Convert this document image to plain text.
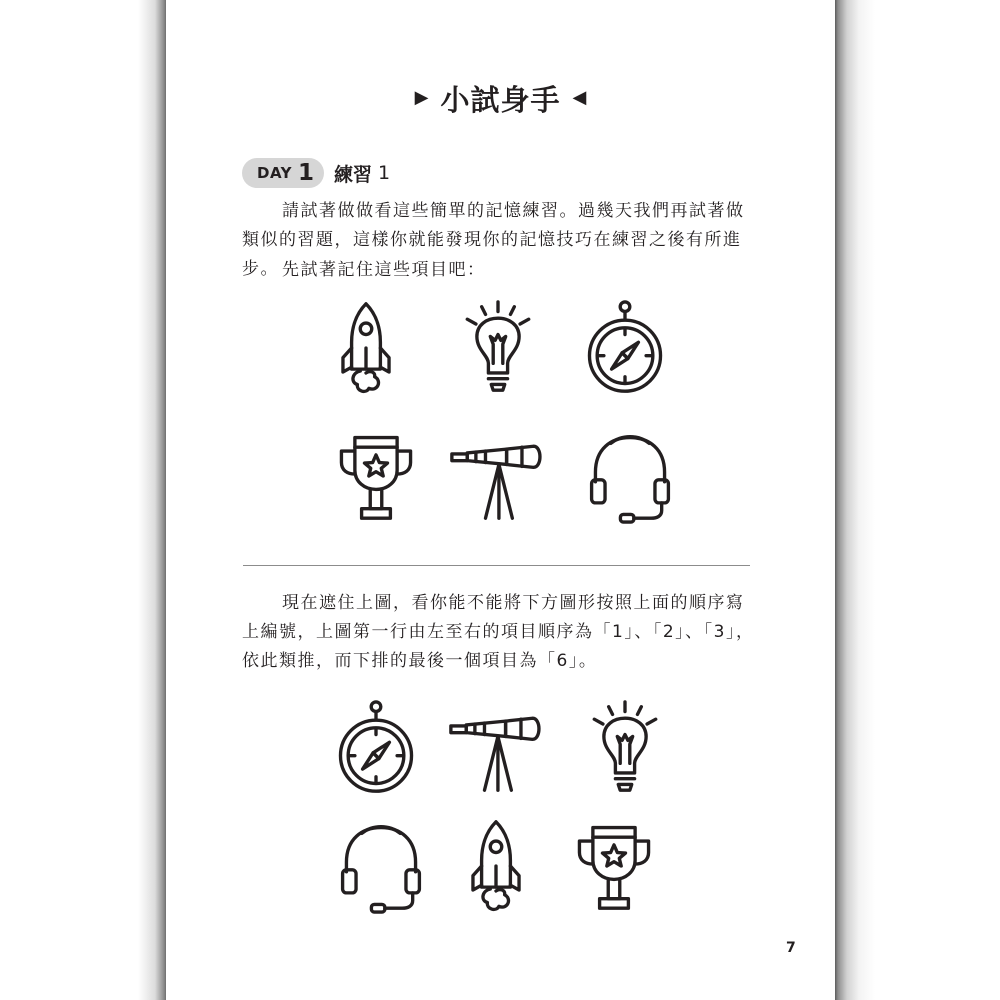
▶ 小試身手 ◀
DAY 1 練習 1

請試著做做看這些簡單的記憶練習。過幾天我們再試著做類似的習題，這樣你就能發現你的記憶技巧在練習之後有所進步。 先試著記住這些項目吧：

現在遮住上圖，看你能不能將下方圖形按照上面的順序寫上編號，上圖第一行由左至右的項目順序為「1」、「2」、「3」，依此類推，而下排的最後一個項目為「6」。

7
